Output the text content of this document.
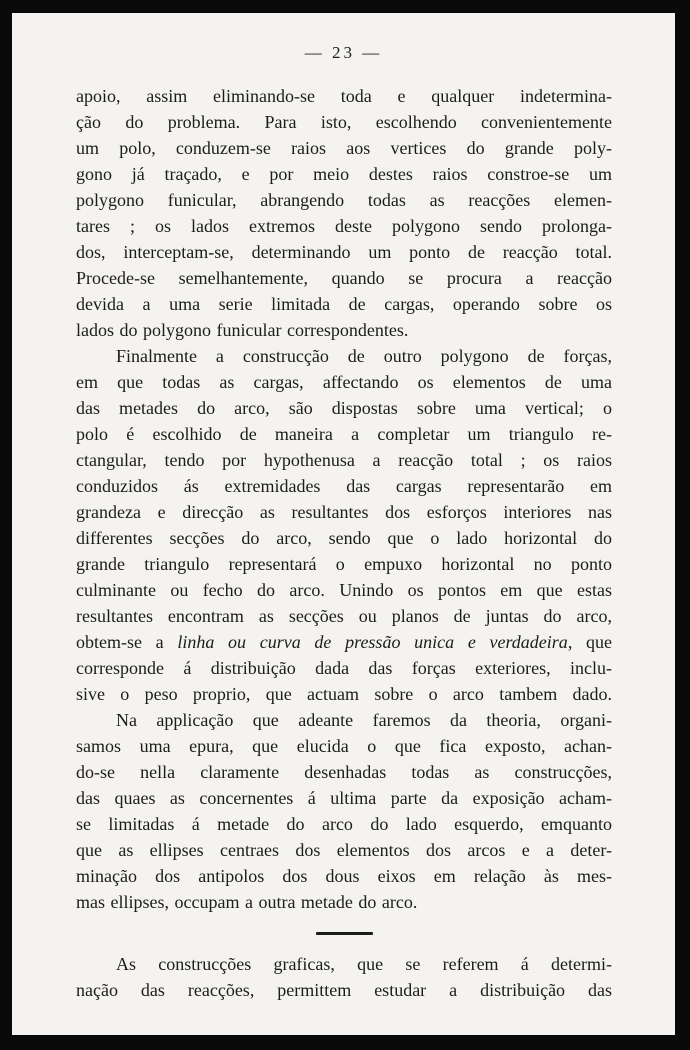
— 23 —
apoio, assim eliminando-se toda e qualquer indetermina-
ção do problema. Para isto, escolhendo convenientemente
um polo, conduzem-se raios aos vertices do grande poly-
gono já traçado, e por meio destes raios constroe-se um
polygono funicular, abrangendo todas as reacções elemen-
tares ; os lados extremos deste polygono sendo prolonga-
dos, interceptam-se, determinando um ponto de reacção total.
Procede-se semelhantemente, quando se procura a reacção
devida a uma serie limitada de cargas, operando sobre os
lados do polygono funicular correspondentes.
Finalmente a construcção de outro polygono de forças,
em que todas as cargas, affectando os elementos de uma
das metades do arco, são dispostas sobre uma vertical; o
polo é escolhido de maneira a completar um triangulo re-
ctangular, tendo por hypothenusa a reacção total ; os raios
conduzidos ás extremidades das cargas representarão em
grandeza e direcção as resultantes dos esforços interiores nas
differentes secções do arco, sendo que o lado horizontal do
grande triangulo representará o empuxo horizontal no ponto
culminante ou fecho do arco. Unindo os pontos em que estas
resultantes encontram as secções ou planos de juntas do arco,
obtem-se a linha ou curva de pressão unica e verdadeira, que
corresponde á distribuição dada das forças exteriores, inclu-
sive o peso proprio, que actuam sobre o arco tambem dado.
Na applicação que adeante faremos da theoria, organi-
samos uma epura, que elucida o que fica exposto, achan-
do-se nella claramente desenhadas todas as construcções,
das quaes as concernentes á ultima parte da exposição acham-
se limitadas á metade do arco do lado esquerdo, emquanto
que as ellipses centraes dos elementos dos arcos e a deter-
minação dos antipolos dos dous eixos em relação às mes-
mas ellipses, occupam a outra metade do arco.
As construcções graficas, que se referem á determi-
nação das reacções, permittem estudar a distribuição das
